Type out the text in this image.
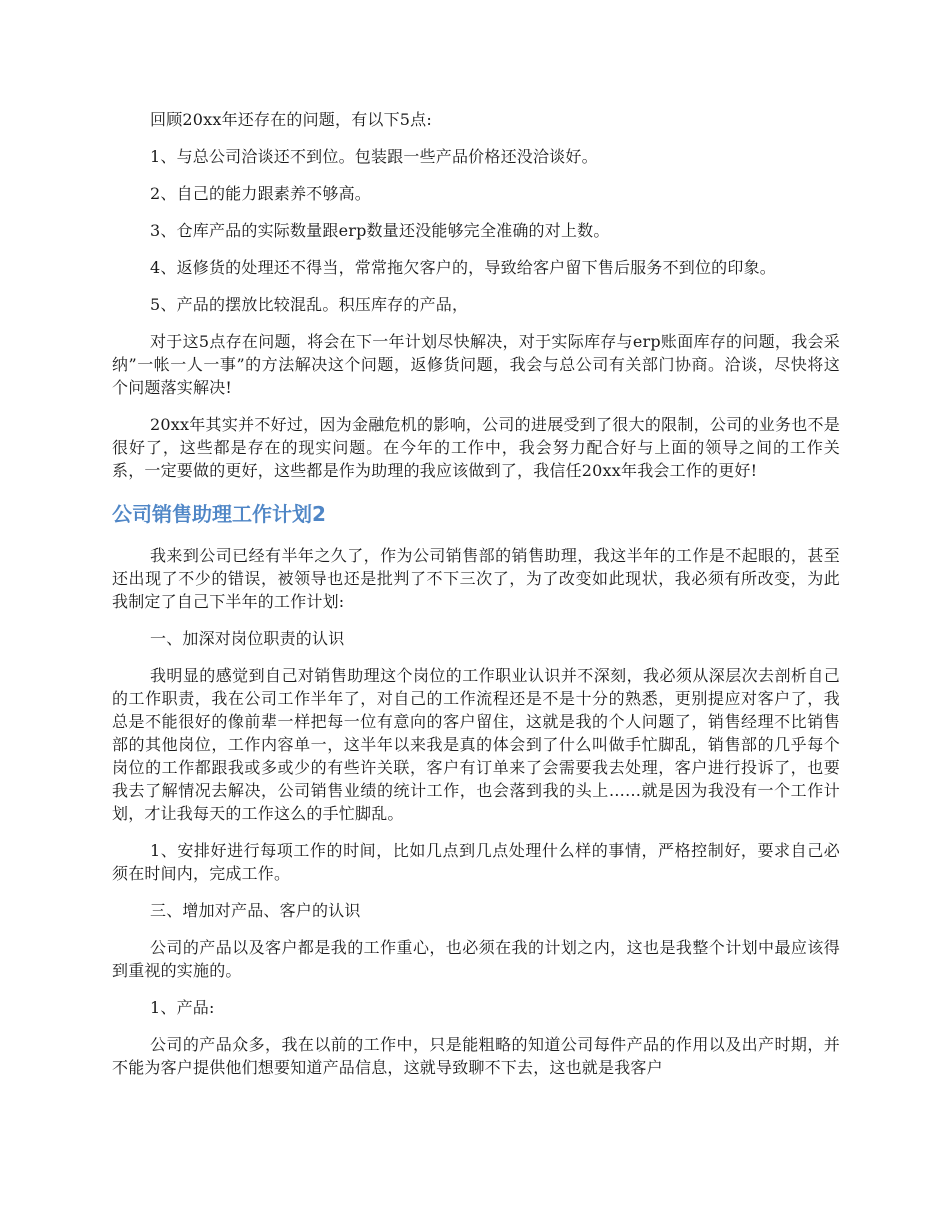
回顾20xx年还存在的问题，有以下5点:

1、与总公司洽谈还不到位。包装跟一些产品价格还没洽谈好。

2、自己的能力跟素养不够高。

3、仓库产品的实际数量跟erp数量还没能够完全准确的对上数。

4、返修货的处理还不得当，常常拖欠客户的，导致给客户留下售后服务不到位的印象。

5、产品的摆放比较混乱。积压库存的产品，

对于这5点存在问题，将会在下一年计划尽快解决，对于实际库存与erp账面库存的问题，我会采纳”一帐一人一事”的方法解决这个问题，返修货问题，我会与总公司有关部门协商。洽谈，尽快将这个问题落实解决!

20xx年其实并不好过，因为金融危机的影响，公司的进展受到了很大的限制，公司的业务也不是很好了，这些都是存在的现实问题。在今年的工作中，我会努力配合好与上面的领导之间的工作关系，一定要做的更好，这些都是作为助理的我应该做到了，我信任20xx年我会工作的更好!

公司销售助理工作计划2

我来到公司已经有半年之久了，作为公司销售部的销售助理，我这半年的工作是不起眼的，甚至还出现了不少的错误，被领导也还是批判了不下三次了，为了改变如此现状，我必须有所改变，为此我制定了自己下半年的工作计划:

一、加深对岗位职责的认识

我明显的感觉到自己对销售助理这个岗位的工作职业认识并不深刻，我必须从深层次去剖析自己的工作职责，我在公司工作半年了，对自己的工作流程还是不是十分的熟悉，更别提应对客户了，我总是不能很好的像前辈一样把每一位有意向的客户留住，这就是我的个人问题了，销售经理不比销售部的其他岗位，工作内容单一，这半年以来我是真的体会到了什么叫做手忙脚乱，销售部的几乎每个岗位的工作都跟我或多或少的有些许关联，客户有订单来了会需要我去处理，客户进行投诉了，也要我去了解情况去解决，公司销售业绩的统计工作，也会落到我的头上……就是因为我没有一个工作计划，才让我每天的工作这么的手忙脚乱。

1、安排好进行每项工作的时间，比如几点到几点处理什么样的事情，严格控制好，要求自己必须在时间内，完成工作。

三、增加对产品、客户的认识

公司的产品以及客户都是我的工作重心，也必须在我的计划之内，这也是我整个计划中最应该得到重视的实施的。

1、产品:

公司的产品众多，我在以前的工作中，只是能粗略的知道公司每件产品的作用以及出产时期，并不能为客户提供他们想要知道产品信息，这就导致聊不下去，这也就是我客户
